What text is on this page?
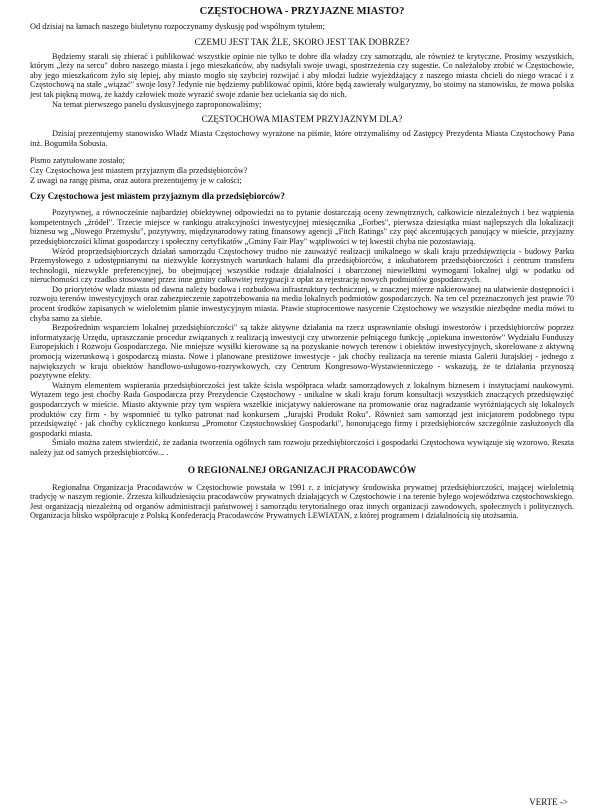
CZĘSTOCHOWA - PRZYJAZNE MIASTO?

Od dzisiaj na łamach naszego biuletynu rozpoczynamy dyskusję pod wspólnym tytułem;

CZEMU JEST TAK ŹLE, SKORO JEST TAK DOBRZE?

Będziemy starali się zbierać i publikować wszystkie opinie nie tylko te dobre dla władzy czy samorządu, ale również te krytyczne. Prosimy wszystkich, którym „leży na sercu" dobro naszego miasta i jego mieszkańców, aby nadsyłali swoje uwagi, spostrzeżenia czy sugestie. Co należałoby zrobić w Częstochowie, aby jego mieszkańcom żyło się lepiej, aby miasto mogło się szybciej rozwijać i aby młodzi ludzie wyjeżdżający z naszego miasta chcieli do niego wracać i z Częstochową na stałe „wiązać" swoje losy? Jedynie nie będziemy publikować opinii, które będą zawierały wulgaryzmy, bo stoimy na stanowisku, że mowa polska jest tak piękną mową, że każdy człowiek może wyrazić swoje zdanie bez uciekania się do nich.

Na temat pierwszego panelu dyskusyjnego zaproponowaliśmy;

CZĘSTOCHOWA MIASTEM PRZYJAZNYM DLA?

Dzisiaj prezentujemy stanowisko Władz Miasta Częstochowy wyrażone na piśmie, które otrzymaliśmy od Zastępcy Prezydenta Miasta Częstochowy Pana inż. Bogumiła Sobusia.

Pismo zatytułowane zostało;
Czy Częstochowa jest miastem przyjaznym dla przedsiębiorców?
Z uwagi na rangę pisma, oraz autora prezentujemy je w całości;
Czy Częstochowa jest miastem przyjaznym dla przedsiębiorców?

Pozytywnej, a równocześnie najbardziej obiektywnej odpowiedzi na to pytanie dostarczają oceny zewnętrznych, całkowicie niezależnych i bez wątpienia kompetentnych „źródeł". Trzecie miejsce w rankingu atrakcyjności inwestycyjnej miesięcznika „Forbes", pierwsza dziesiątka miast najlepszych dla lokalizacji biznesu wg „Nowego Przemysłu", pozytywny, międzynarodowy rating finansowy agencji „Fitch Ratings" czy pięć akcentujących panujący w mieście, przyjazny przedsiębiorczości klimat gospodarczy i społeczny certyfikatów „Gminy Fair Play" wątpliwości w tej kwestii chyba nie pozostawiają.

Wśród proprzedsiębiorczych działań samorządu Częstochowy trudno nie zauważyć realizacji unikalnego w skali kraju przedsięwzięcia - budowy Parku Przemysłowego z udostępnianymi na niezwykle korzystnych warunkach halami dla przedsiębiorców, z inkubatorem przedsiębiorczości i centrum transferu technologii, niezwykle preferencyjnej, bo obejmującej wszystkie rodzaje działalności i obarczonej niewielkimi wymogami lokalnej ulgi w podatku od nieruchomości czy rzadko stosowanej przez inne gminy całkowitej rezygnacji z opłat za rejestrację nowych podmiotów gospodarczych.

Do priorytetów władz miasta od dawna należy budowa i rozbudowa infrastruktury technicznej, w znacznej mierze nakierowanej na ułatwienie dostępności i rozwoju terenów inwestycyjnych oraz zabezpieczenie zapotrzebowania na media lokalnych podmiotów gospodarczych. Na ten cel przeznaczonych jest prawie 70 procent środków zapisanych w wieloletnim planie inwestycyjnym miasta. Prawie stuprocentowe nasycenie Częstochowy we wszystkie niezbędne media mówi tu chyba samo za siebie.

Bezpośrednim wsparciem lokalnej przedsiębiorczości" są także aktywne działania na rzecz usprawnianie obsługi inwestorów i przedsiębiorców poprzez informatyzację Urzędu, upraszczanie procedur związanych z realizacją inwestycji czy utworzenie pełniącego funkcję „opiekuna inwestorów" Wydziału Funduszy Europejskich i Rozwoju Gospodarczego. Nie mniejsze wysiłki kierowane są na pozyskanie nowych terenów i obiektów inwestycyjnych, skorelowane z aktywną promocją wizerunkową i gospodarczą miasta. Nowe i planowane prestiżowe inwestycje - jak choćby realizacja na terenie miasta Galerii Jurajskiej - jednego z największych w kraju obiektów handlowo-usługowo-rozrywkowych, czy Centrum Kongresowo-Wystawienniczego - wskazują, że te działania przynoszą pozytywne efekty.

Ważnym elementem wspierania przedsiębiorczości jest także ścisła współpraca władz samorządowych z lokalnym biznesem i instytucjami naukowymi. Wyrazem tego jest choćby Rada Gospodarcza przy Prezydencie Częstochowy - unikalne w skali kraju forum konsultacji wszystkich znaczących przedsięwzięć gospodarczych w mieście. Miasto aktywnie przy tym wspiera wszelkie inicjatywy nakierowane na promowanie oraz nagradzanie wyróżniających się lokalnych produktów czy firm - by wspomnieć tu tylko patronat nad konkursem „Jurajski Produkt Roku". Również sam samorząd jest inicjatorem podobnego typu przedsięwzięć - jak choćby cyklicznego konkursu „Promotor Częstochowskiej Gospodarki", honorującego firmy i przedsiębiorców szczególnie zasłużonych dla gospodarki miasta.

Śmiało można zatem stwierdzić, że zadania tworzenia ogólnych ram rozwoju przedsiębiorczości i gospodarki Częstochowa wywiązuje się wzorowo. Reszta należy już od samych przedsiębiorców... .

O REGIONALNEJ ORGANIZACJI PRACODAWCÓW

Regionalna Organizacja Pracodawców w Częstochowie powstała w 1991 r. z inicjatywy środowiska prywatnej przedsiębiorczości, mającej wieloletnią tradycję w naszym regionie. Zrzesza kilkudziesięciu pracodawców prywatnych działających w Częstochowie i na terenie byłego województwa częstochowskiego. Jest organizacją niezależną od organów administracji państwowej i samorządu terytorialnego oraz innych organizacji zawodowych, społecznych i politycznych. Organizacja blisko współpracuje z Polską Konfederacją Pracodawców Prywatnych LEWIATAN, z której programem i działalnością się utożsamia.

VERTE ->
